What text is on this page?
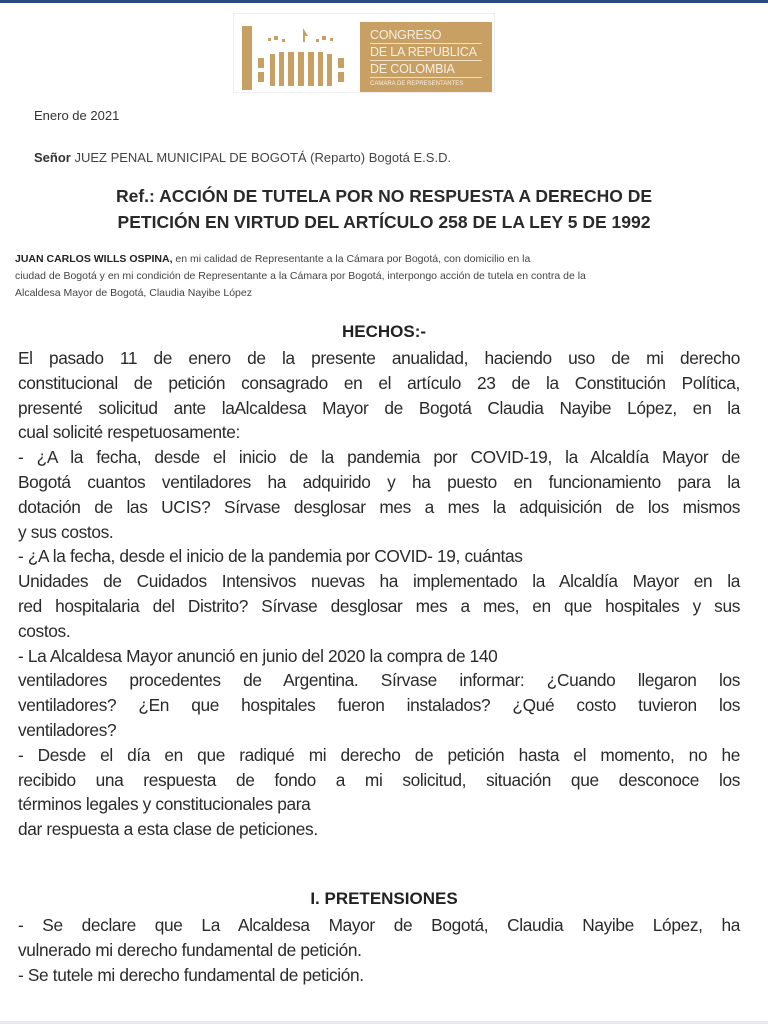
CONGRESO
DE LA REPUBLICA
DE COLOMBIA
CAMARA DE REPRESENTANTES
Enero de 2021
Señor JUEZ PENAL MUNICIPAL DE BOGOTÁ (Reparto) Bogotá E.S.D.
Ref.: ACCIÓN DE TUTELA POR NO RESPUESTA A DERECHO DE
PETICIÓN EN VIRTUD DEL ARTÍCULO 258 DE LA LEY 5 DE 1992

JUAN CARLOS WILLS OSPINA, en mi calidad de Representante a la Cámara por Bogotá, con domicilio en la

ciudad de Bogotá y en mi condición de Representante a la Cámara por Bogotá, interpongo acción de tutela en contra de la

Alcaldesa Mayor de Bogotá, Claudia Nayibe López

HECHOS:-
El pasado 11 de enero de la presente anualidad, haciendo uso de mi derecho
constitucional de petición consagrado en el artículo 23 de la Constitución Política,
presenté solicitud ante laAlcaldesa Mayor de Bogotá Claudia Nayibe López, en la
cual solicité respetuosamente:
- ¿A la fecha, desde el inicio de la pandemia por COVID-19, la Alcaldía Mayor de
Bogotá cuantos ventiladores ha adquirido y ha puesto en funcionamiento para la
dotación de las UCIS? Sírvase desglosar mes a mes la adquisición de los mismos
y sus costos.
- ¿A la fecha, desde el inicio de la pandemia por COVID- 19, cuántas
Unidades de Cuidados Intensivos nuevas ha implementado la Alcaldía Mayor en la
red hospitalaria del Distrito? Sírvase desglosar mes a mes, en que hospitales y sus
costos.
- La Alcaldesa Mayor anunció en junio del 2020 la compra de 140
ventiladores procedentes de Argentina. Sírvase informar: ¿Cuando llegaron los
ventiladores? ¿En que hospitales fueron instalados? ¿Qué costo tuvieron los
ventiladores?
- Desde el día en que radiqué mi derecho de petición hasta el momento, no he
recibido una respuesta de fondo a mi solicitud, situación que desconoce los
términos legales y constitucionales para
dar respuesta a esta clase de peticiones.
I. PRETENSIONES
- Se declare que La Alcaldesa Mayor de Bogotá, Claudia Nayibe López, ha
vulnerado mi derecho fundamental de petición.
- Se tutele mi derecho fundamental de petición.
